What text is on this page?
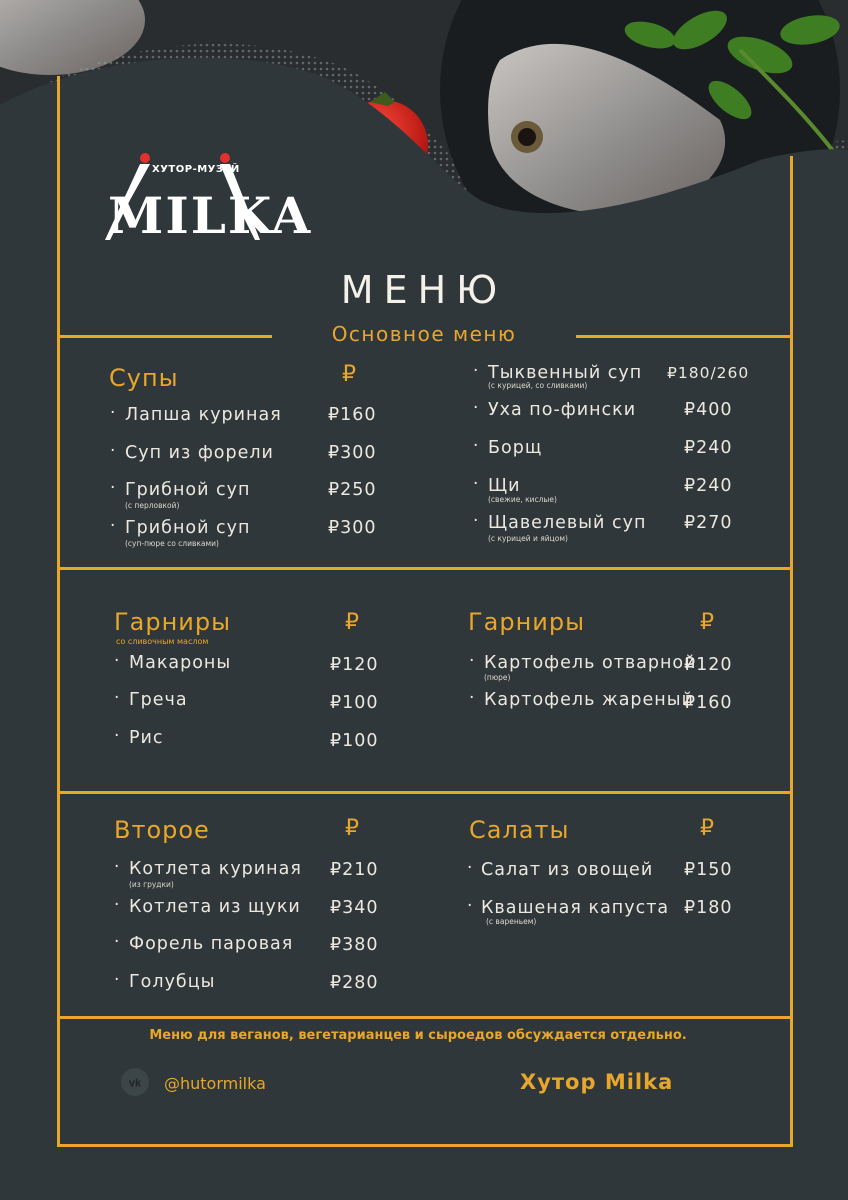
ХУТОР-МУЗЕЙ
MILKA
МЕНЮ
Основное меню
Супы	₽
· Лапша куриная	₽160
· Суп из форели	₽300
· Грибной суп
(с перловкой)
₽250
· Грибной суп
(суп-пюре со сливками)
₽300
· Тыквенный суп
(с курицей, со сливками)
₽180/260
· Уха по-фински	₽400
· Борщ	₽240
· Щи
(свежие, кислые)
₽240
· Щавелевый суп
(с курицей и яйцом)
₽270
Гарниры
со сливочным маслом
₽
· Макароны	₽120
· Греча	₽100
· Рис	₽100
Гарниры	₽
· Картофель отварной
(пюре)
₽120
· Картофель жареный
₽160
Второе	₽
· Котлета куриная
(из грудки)
₽210
· Котлета из щуки ₽340
· Форель паровая ₽380
· Голубцы	₽280
Салаты	₽
· Салат из овощей ₽150
· Квашеная капуста
(с вареньем)
₽180
Меню для веганов, вегетарианцев и сыроедов обсуждается отдельно.
vk @hutormilka	Хутор Milka
